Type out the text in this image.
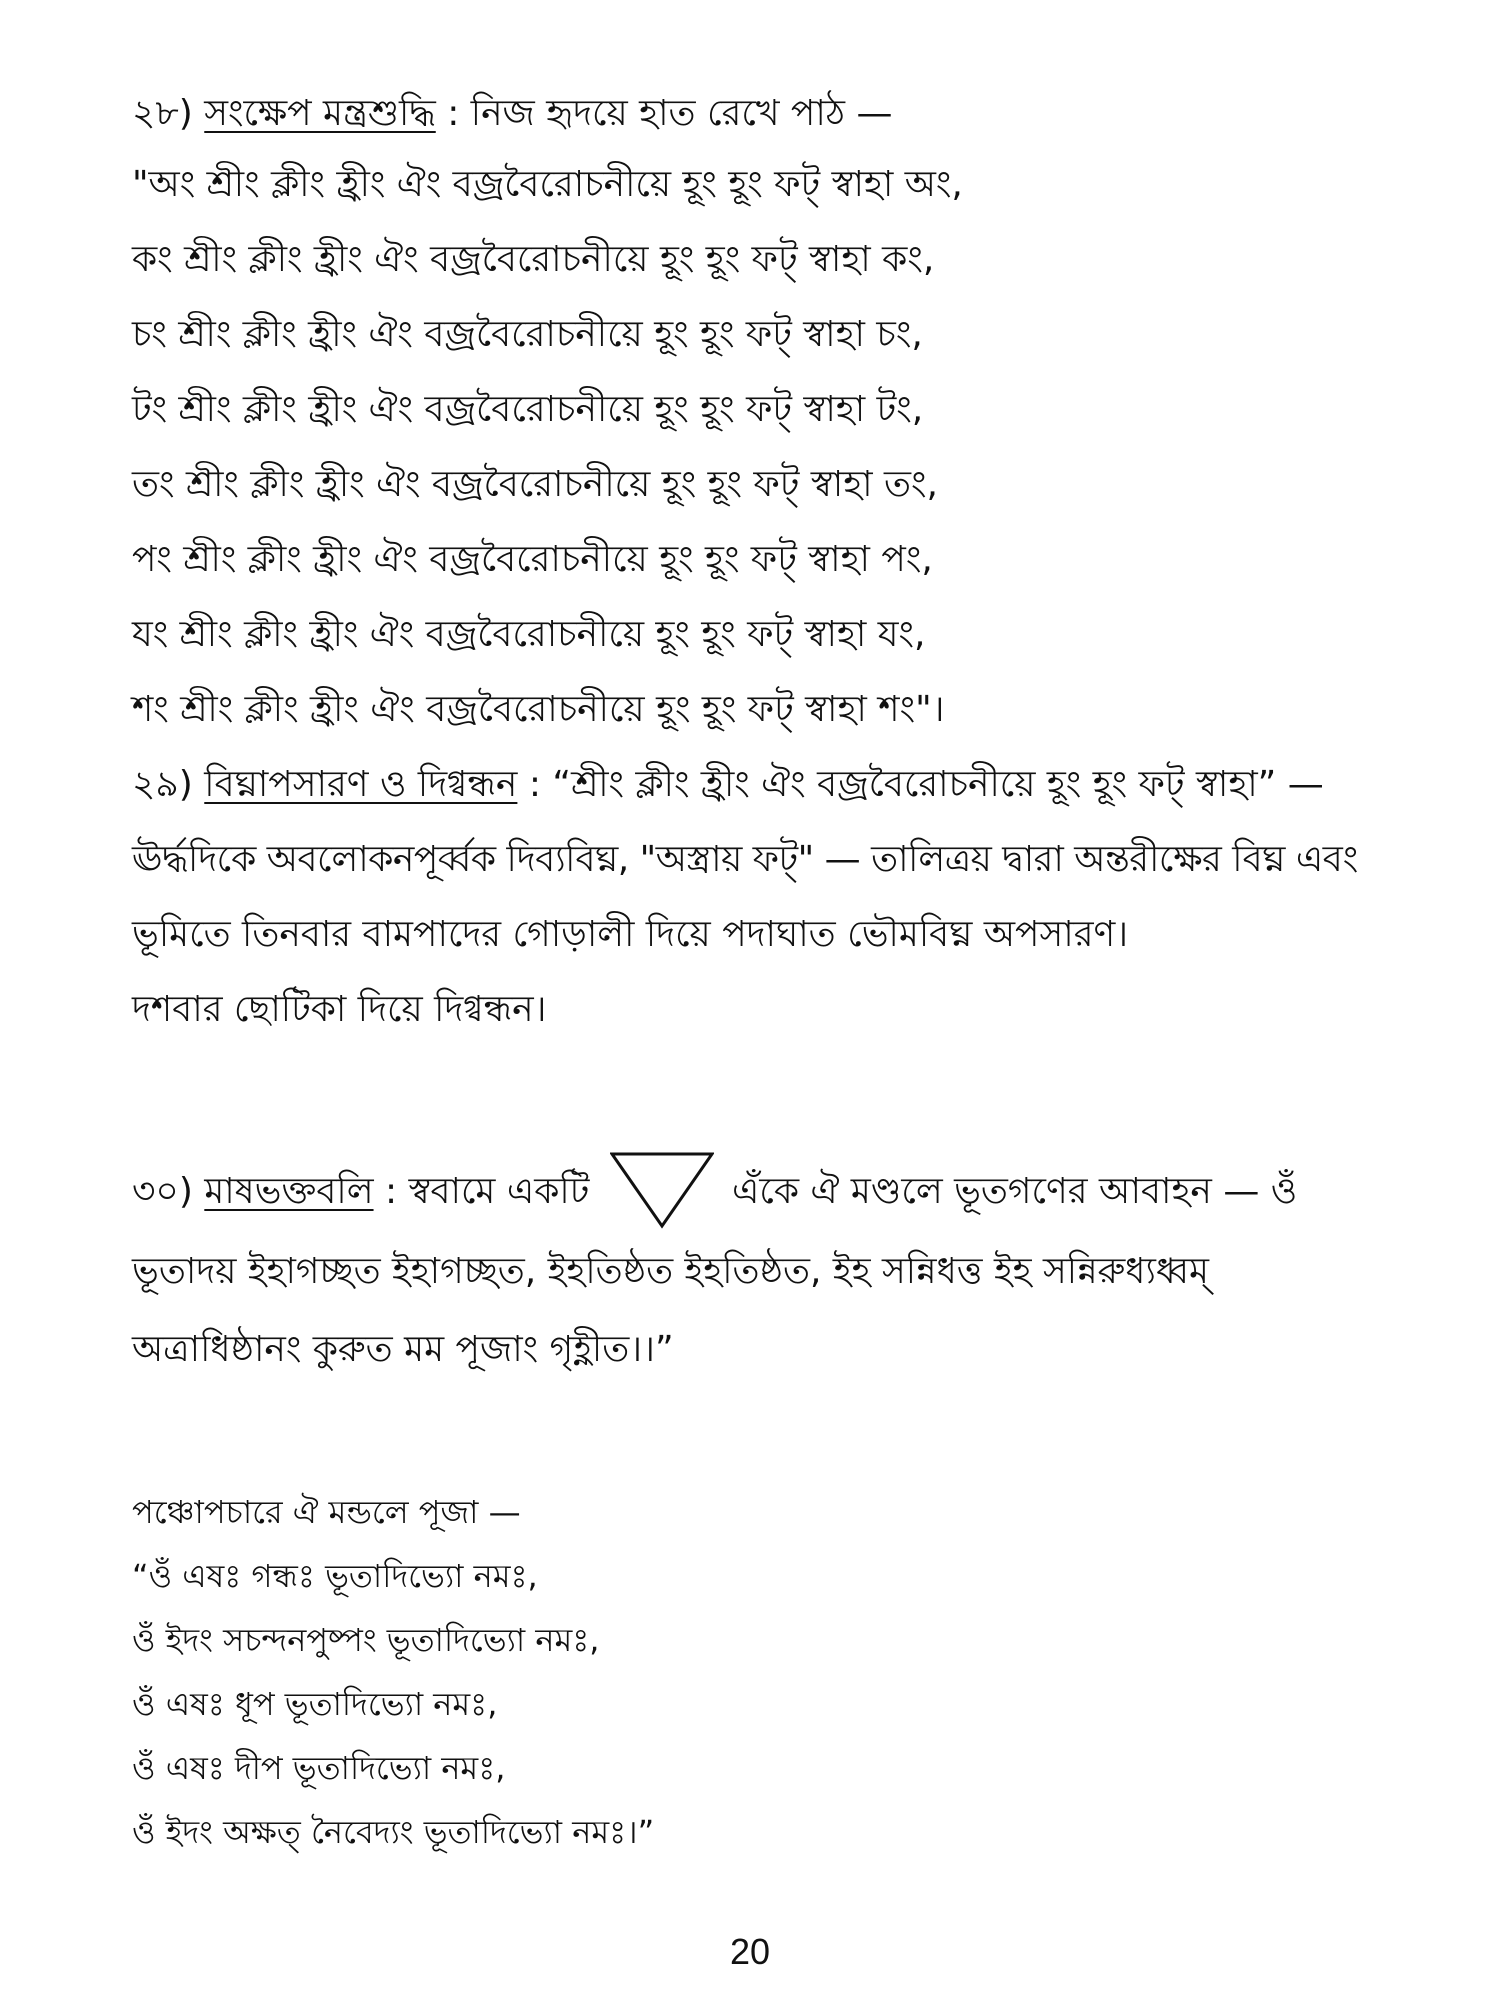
২৮) সংক্ষেপ মন্ত্রশুদ্ধি : নিজ হৃদয়ে হাত রেখে পাঠ —
"অং শ্রীং ক্লীং হ্রীং ঐং বজ্রবৈরোচনীয়ে হূং হূং ফট্ স্বাহা অং,
কং শ্রীং ক্লীং হ্রীং ঐং বজ্রবৈরোচনীয়ে হূং হূং ফট্ স্বাহা কং,
চং শ্রীং ক্লীং হ্রীং ঐং বজ্রবৈরোচনীয়ে হূং হূং ফট্ স্বাহা চং,
টং শ্রীং ক্লীং হ্রীং ঐং বজ্রবৈরোচনীয়ে হূং হূং ফট্ স্বাহা টং,
তং শ্রীং ক্লীং হ্রীং ঐং বজ্রবৈরোচনীয়ে হূং হূং ফট্ স্বাহা তং,
পং শ্রীং ক্লীং হ্রীং ঐং বজ্রবৈরোচনীয়ে হূং হূং ফট্ স্বাহা পং,
যং শ্রীং ক্লীং হ্রীং ঐং বজ্রবৈরোচনীয়ে হূং হূং ফট্ স্বাহা যং,
শং শ্রীং ক্লীং হ্রীং ঐং বজ্রবৈরোচনীয়ে হূং হূং ফট্ স্বাহা শং"।
২৯) বিঘ্নাপসারণ ও দিগ্বন্ধন : “শ্রীং ক্লীং হ্রীং ঐং বজ্রবৈরোচনীয়ে হূং হূং ফট্ স্বাহা” —
ঊর্দ্ধদিকে অবলোকনপূর্ব্বক দিব্যবিঘ্ন, "অস্ত্রায় ফট্" — তালিত্রয় দ্বারা অন্তরীক্ষের বিঘ্ন এবং
ভূমিতে তিনবার বামপাদের গোড়ালী দিয়ে পদাঘাত ভৌমবিঘ্ন অপসারণ।
দশবার ছোটিকা দিয়ে দিগ্বন্ধন।
৩০) মাষভক্তবলি : স্ববামে একটি	এঁকে ঐ মণ্ডলে ভূতগণের আবাহন — ওঁ
ভূতাদয় ইহাগচ্ছত ইহাগচ্ছত, ইহতিষ্ঠত ইহতিষ্ঠত, ইহ সন্নিধত্ত ইহ সন্নিরুধ্যধ্বম্
অত্রাধিষ্ঠানং কুরুত মম পূজাং গৃহ্ণীত।।”
পঞ্চোপচারে ঐ মন্ডলে পূজা —
“ওঁ এষঃ গন্ধঃ ভূতাদিভ্যো নমঃ,
ওঁ ইদং সচন্দনপুষ্পং ভূতাদিভ্যো নমঃ,
ওঁ এষঃ ধূপ ভূতাদিভ্যো নমঃ,
ওঁ এষঃ দীপ ভূতাদিভ্যো নমঃ,
ওঁ ইদং অক্ষত্ নৈবেদ্যং ভূতাদিভ্যো নমঃ।”
20
